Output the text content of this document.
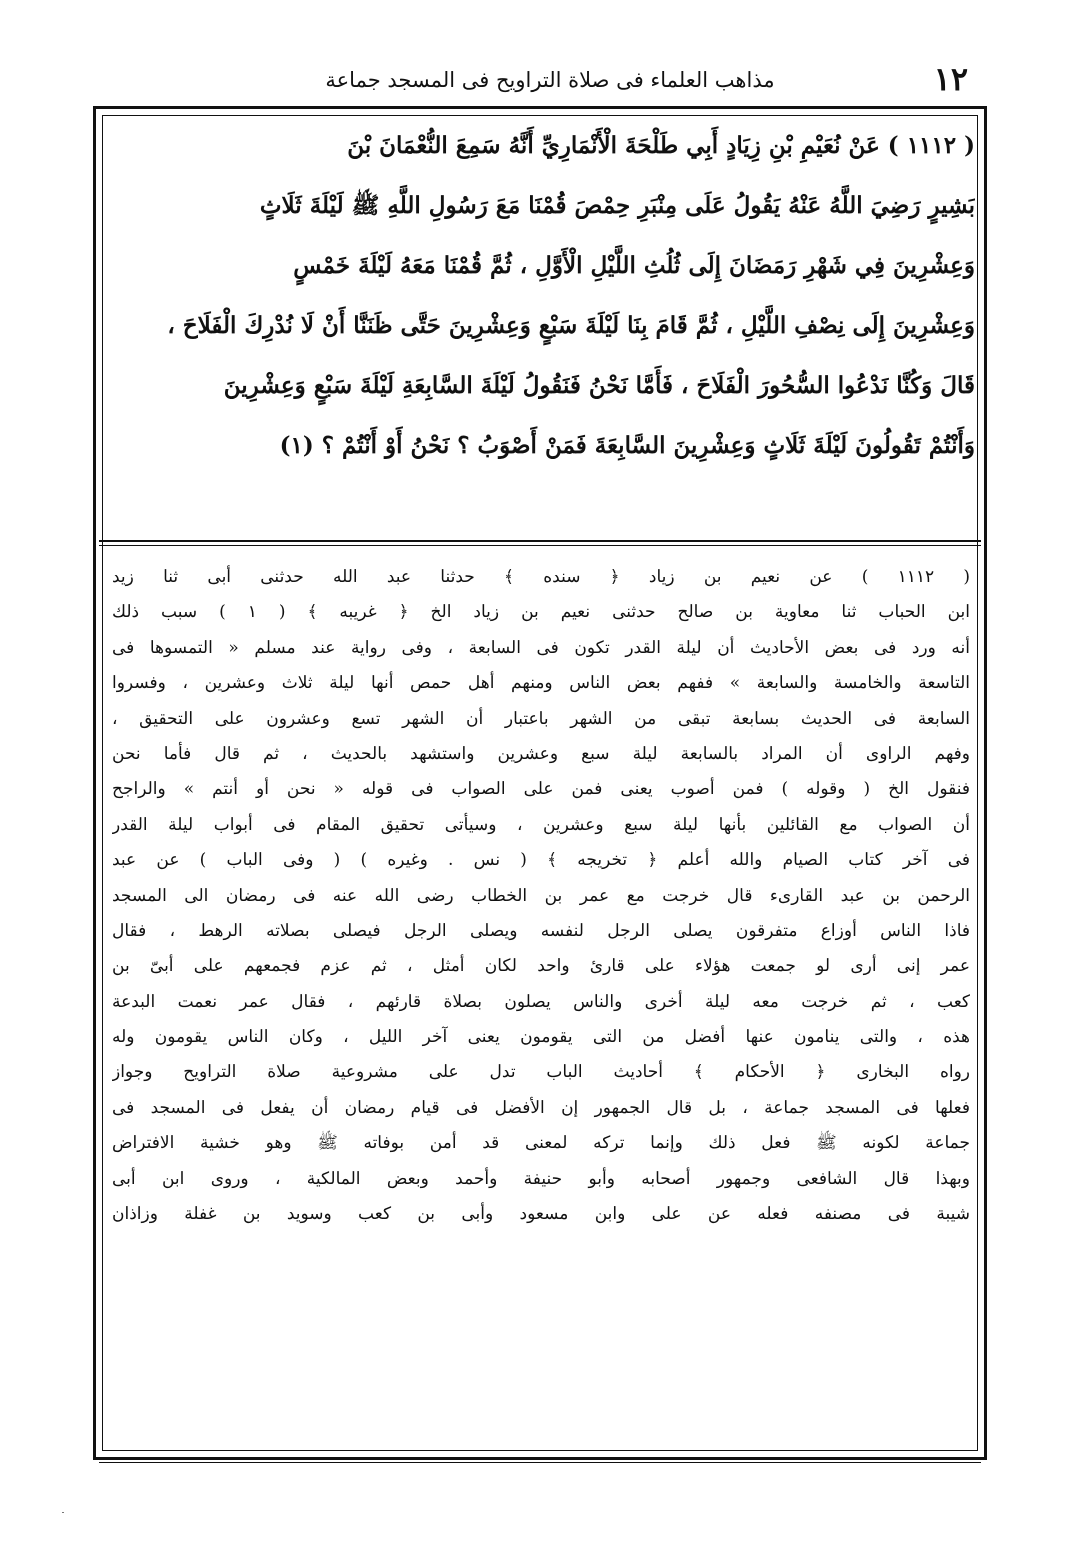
١٢
مذاهب العلماء فى صلاة التراويح فى المسجد جماعة
( ١١١٢ ) عَنْ نُعَيْمِ بْنِ زِيَادٍ أَبِي طَلْحَةَ الْأَنْمَارِيِّ أَنَّهُ سَمِعَ النُّعْمَانَ بْنَ
بَشِيرٍ رَضِيَ اللَّهُ عَنْهُ يَقُولُ عَلَى مِنْبَرِ حِمْصَ قُمْنَا مَعَ رَسُولِ اللَّهِ ﷺ لَيْلَةَ ثَلَاثٍ
وَعِشْرِينَ فِي شَهْرِ رَمَضَانَ إِلَى ثُلُثِ اللَّيْلِ الْأَوَّلِ ، ثُمَّ قُمْنَا مَعَهُ لَيْلَةَ خَمْسٍ
وَعِشْرِينَ إِلَى نِصْفِ اللَّيْلِ ، ثُمَّ قَامَ بِنَا لَيْلَةَ سَبْعٍ وَعِشْرِينَ حَتَّى ظَنَنَّا أَنْ لَا نُدْرِكَ الْفَلَاحَ ،
قَالَ وَكُنَّا نَدْعُوا السُّحُورَ الْفَلَاحَ ، فَأَمَّا نَحْنُ فَنَقُولُ لَيْلَةَ السَّابِعَةِ لَيْلَةَ سَبْعٍ وَعِشْرِينَ
وَأَنْتُمْ تَقُولُونَ لَيْلَةَ ثَلَاثٍ وَعِشْرِينَ السَّابِعَةَ فَمَنْ أَصْوَبُ ؟ نَحْنُ أَوْ أَنْتُمْ ؟ (١)
( ١١١٢ ) عن نعيم بن زياد ﴿ سنده ﴾ حدثنا عبد الله حدثنى أبى ثنا زيد
ابن الحباب ثنا معاوية بن صالح حدثنى نعيم بن زياد الخ ﴿ غريبه ﴾ ( ١ ) سبب ذلك
أنه ورد فى بعض الأحاديث أن ليلة القدر تكون فى السابعة ، وفى رواية عند مسلم « التمسوها فى
التاسعة والخامسة والسابعة » ففهم بعض الناس ومنهم أهل حمص أنها ليلة ثلاث وعشرين ، وفسروا
السابعة فى الحديث بسابعة تبقى من الشهر باعتبار أن الشهر تسع وعشرون على التحقيق ،
وفهم الراوى أن المراد بالسابعة ليلة سبع وعشرين واستشهد بالحديث ، ثم قال فأما نحن
فنقول الخ ( وقوله ) فمن أصوب يعنى فمن على الصواب فى قوله « نحن أو أنتم » والراجح
أن الصواب مع القائلين بأنها ليلة سبع وعشرين ، وسيأتى تحقيق المقام فى أبواب ليلة القدر
فى آخر كتاب الصيام والله أعلم ﴿ تخريجه ﴾ ( نس . وغيره ) ( وفى الباب ) عن عبد
الرحمن بن عبد القارىء قال خرجت مع عمر بن الخطاب رضى الله عنه فى رمضان الى المسجد
فاذا الناس أوزاع متفرقون يصلى الرجل لنفسه ويصلى الرجل فيصلى بصلاته الرهط ، فقال
عمر إنى أرى لو جمعت هؤلاء على قارئ واحد لكان أمثل ، ثم عزم فجمعهم على أبىّ بن
كعب ، ثم خرجت معه ليلة أخرى والناس يصلون بصلاة قارئهم ، فقال عمر نعمت البدعة
هذه ، والتى ينامون عنها أفضل من التى يقومون يعنى آخر الليل ، وكان الناس يقومون وله
رواه البخارى ﴿ الأحكام ﴾ أحاديث الباب تدل على مشروعية صلاة التراويح وجواز
فعلها فى المسجد جماعة ، بل قال الجمهور إن الأفضل فى قيام رمضان أن يفعل فى المسجد فى
جماعة لكونه ﷺ فعل ذلك وإنما تركه لمعنى قد أمن بوفاته ﷺ وهو خشية الافتراض
وبهذا قال الشافعى وجمهور أصحابه وأبو حنيفة وأحمد وبعض المالكية ، وروى ابن أبى
شيبة فى مصنفه فعله عن على وابن مسعود وأبى بن كعب وسويد بن غفلة وزاذان
